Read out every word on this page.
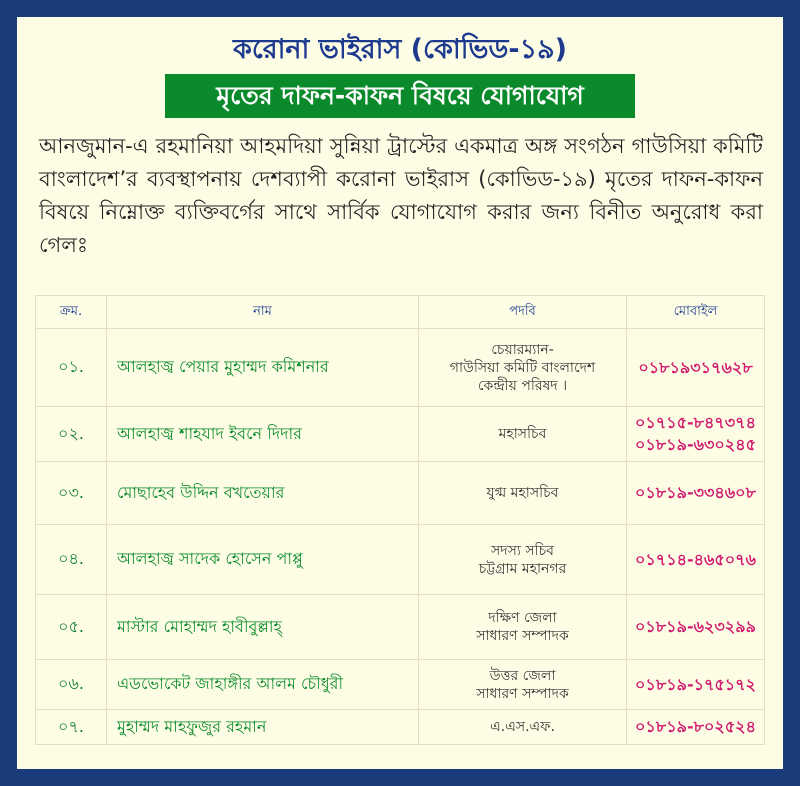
করোনা ভাইরাস (কোভিড-১৯)
মৃতের দাফন-কাফন বিষয়ে যোগাযোগ
আনজুমান-এ রহমানিয়া আহমদিয়া সুন্নিয়া ট্রাস্টের একমাত্র অঙ্গ সংগঠন গাউসিয়া কমিটি বাংলাদেশ’র ব্যবস্থাপনায় দেশব্যাপী করোনা ভাইরাস (কোভিড-১৯) মৃতের দাফন-কাফন বিষয়ে নিম্নোক্ত ব্যক্তিবর্গের সাথে সার্বিক যোগাযোগ করার জন্য বিনীত অনুরোধ করা গেলঃ
ক্রম.	নাম	পদবি	মোবাইল
০১.	আলহাজ্ব পেয়ার মুহাম্মদ কমিশনার	চেয়ারম্যান-
গাউসিয়া কমিটি বাংলাদেশ
কেন্দ্রীয় পরিষদ ।	০১৮১৯৩১৭৬২৮

০২.	আলহাজ্ব শাহযাদ ইবনে দিদার	মহাসচিব	০১৭১৫-৮৪৭৩৭৪
০১৮১৯-৬৩০২৪৫

০৩.	মোছাহেব উদ্দিন বখতেয়ার	যুগ্ম মহাসচিব	০১৮১৯-৩৩৪৬০৮

০৪.	আলহাজ্ব সাদেক হোসেন পাপ্পু	সদস্য সচিব
চট্টগ্রাম মহানগর	০১৭১৪-৪৬৫০৭৬

০৫.	মাস্টার মোহাম্মদ হাবীবুল্লাহ্	দক্ষিণ জেলা
সাধারণ সম্পাদক	০১৮১৯-৬২৩২৯৯

০৬.	এডভোকেট জাহাঙ্গীর আলম চৌধুরী	উত্তর জেলা
সাধারণ সম্পাদক	০১৮১৯-১৭৫১৭২

০৭.	মুহাম্মদ মাহফুজুর রহমান	এ.এস.এফ.	০১৮১৯-৮০২৫২৪
